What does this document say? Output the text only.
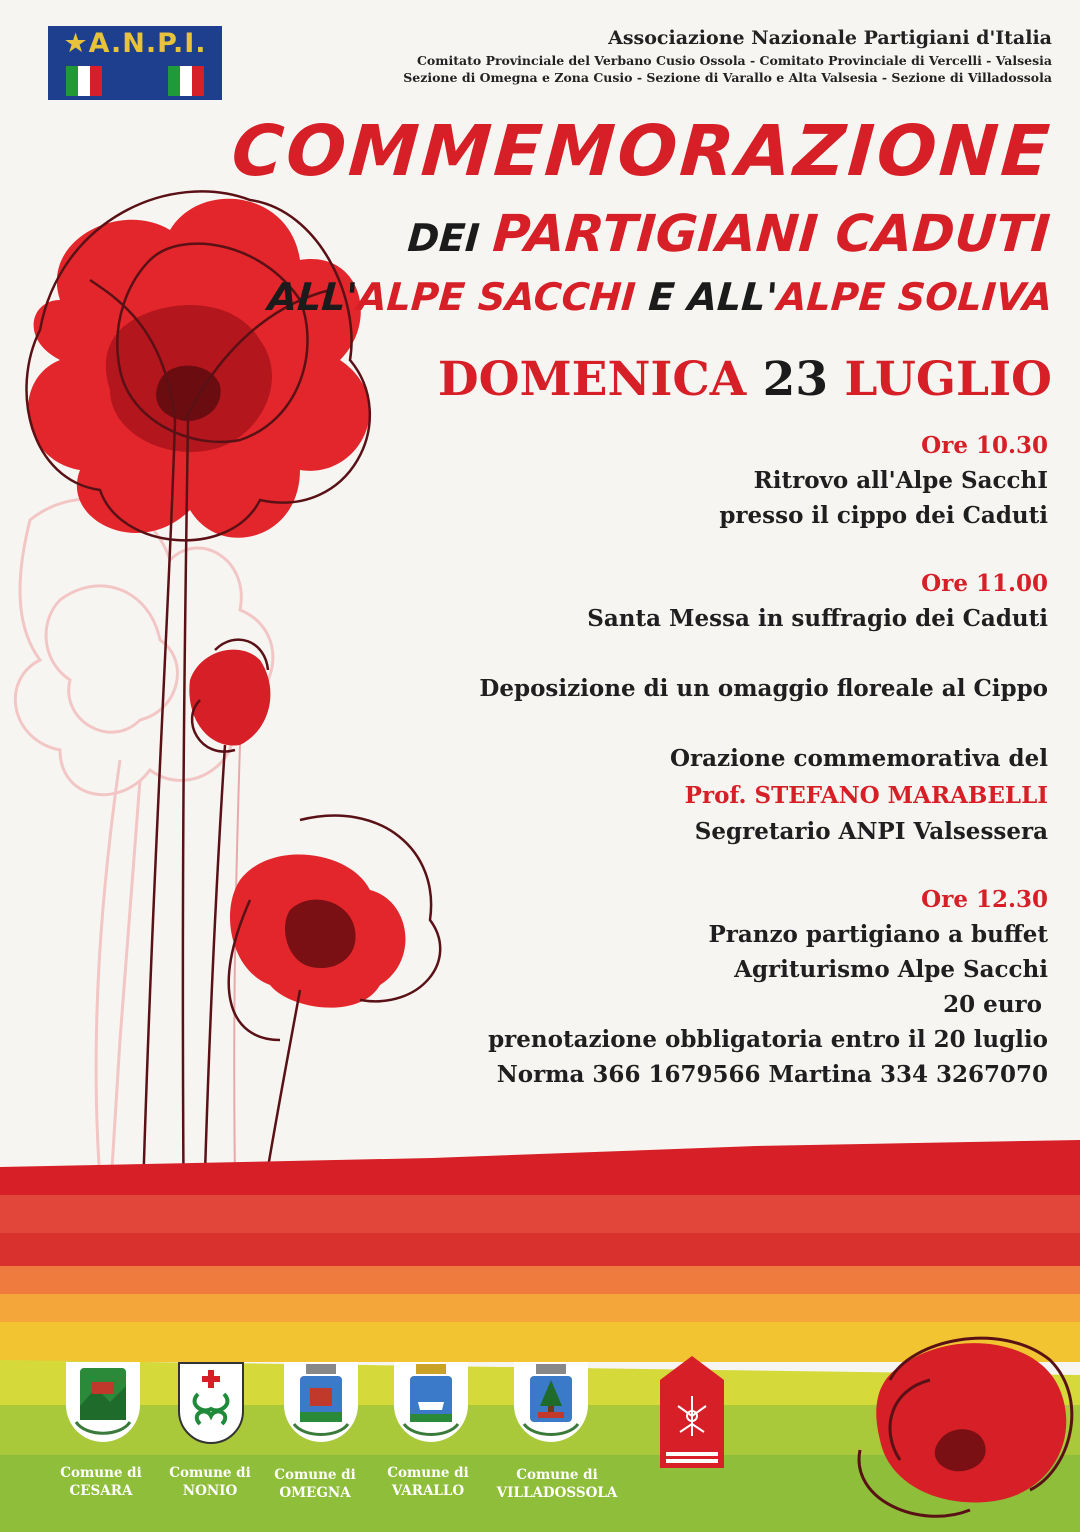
★A.N.P.I.	Associazione Nazionale Partigiani d'Italia
Comitato Provinciale del Verbano Cusio Ossola - Comitato Provinciale di Vercelli - Valsesia
Sezione di Omegna e Zona Cusio - Sezione di Varallo e Alta Valsesia - Sezione di Villadossola
COMMEMORAZIONE
DEI PARTIGIANI CADUTI
ALL'ALPE SACCHI E ALL'ALPE SOLIVA
DOMENICA 23 LUGLIO
Ore 10.30
Ritrovo all'Alpe SacchI
presso il cippo dei Caduti
Ore 11.00
Santa Messa in suffragio dei Caduti
Deposizione di un omaggio floreale al Cippo
Orazione commemorativa del
Prof. STEFANO MARABELLI
Segretario ANPI Valsessera
Ore 12.30
Pranzo partigiano a buffet
Agriturismo Alpe Sacchi
20 euro
prenotazione obbligatoria entro il 20 luglio
Norma 366 1679566 Martina 334 3267070
Comune di
CESARA
Comune di
NONIO
Comune di
OMEGNA
Comune di
VARALLO
Comune di
VILLADOSSOLA
